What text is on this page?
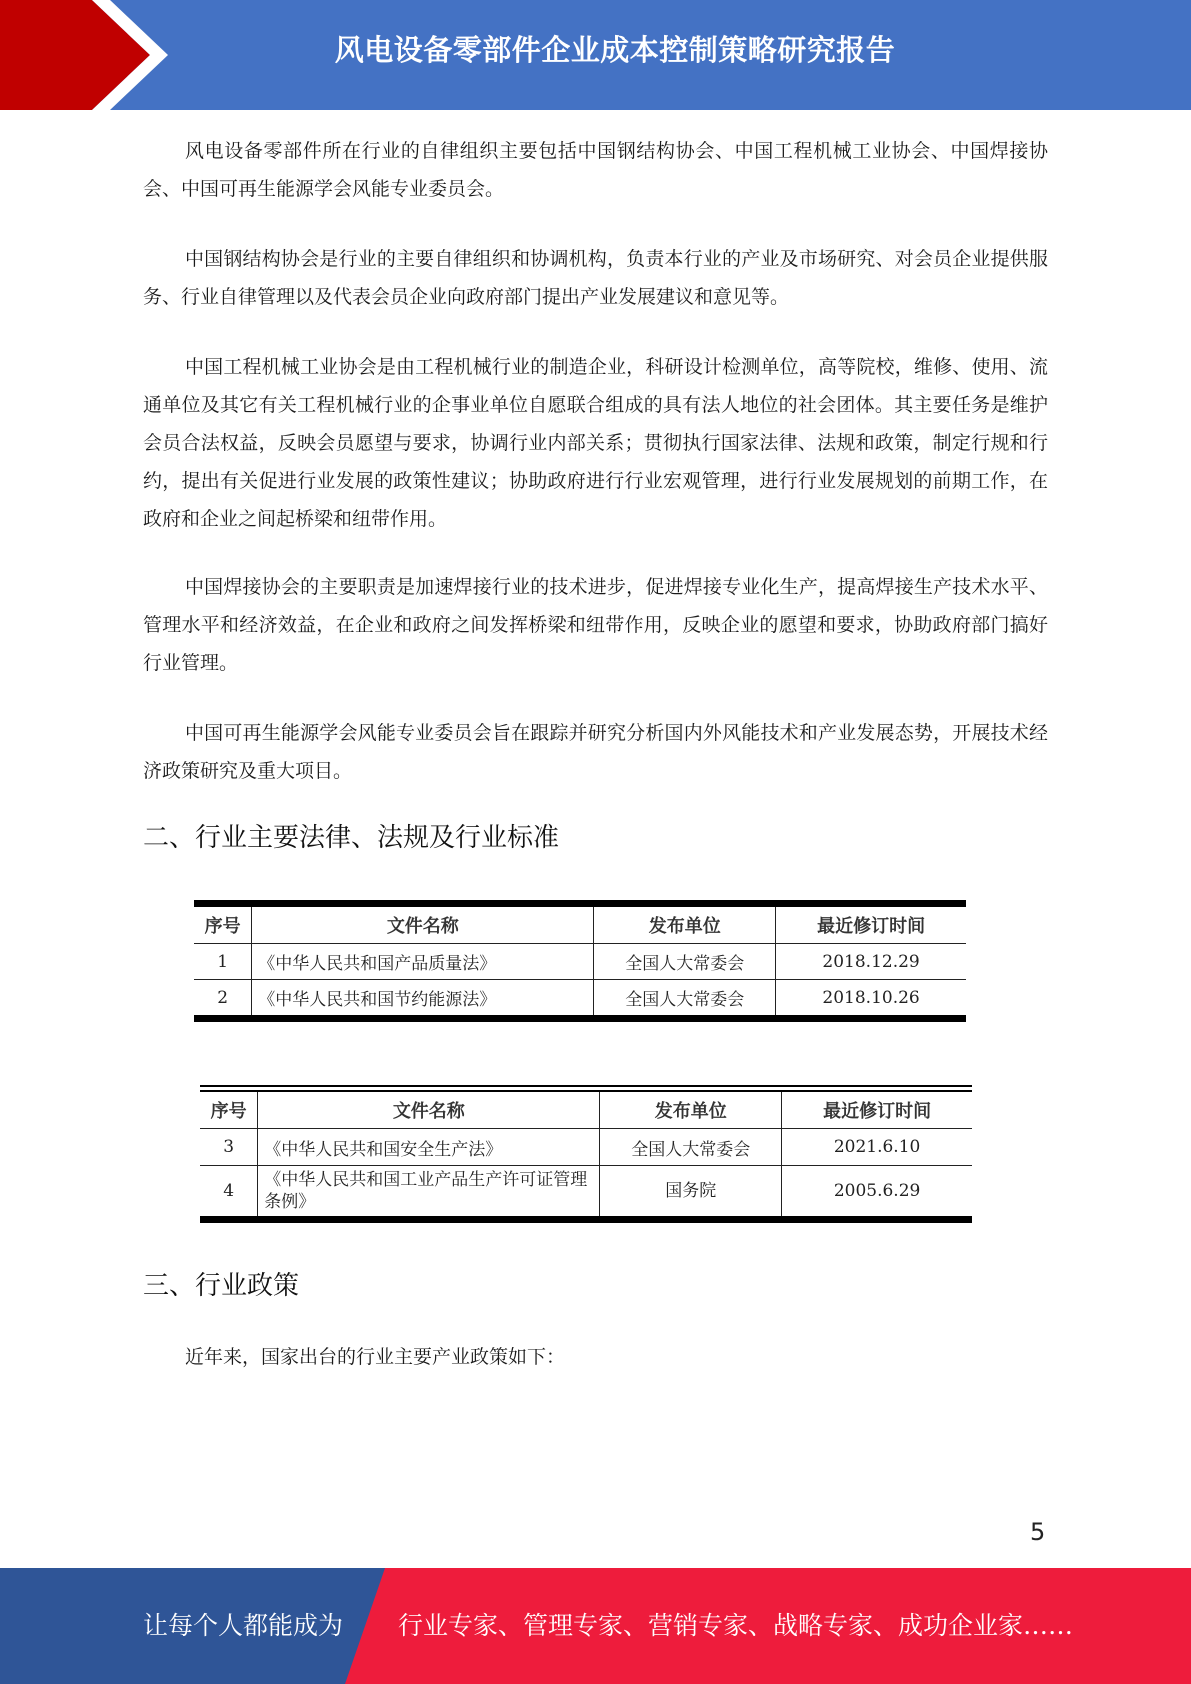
风电设备零部件企业成本控制策略研究报告

风电设备零部件所在行业的自律组织主要包括中国钢结构协会、中国工程机械工业协会、中国焊接协会、中国可再生能源学会风能专业委员会。

中国钢结构协会是行业的主要自律组织和协调机构，负责本行业的产业及市场研究、对会员企业提供服务、行业自律管理以及代表会员企业向政府部门提出产业发展建议和意见等。

中国工程机械工业协会是由工程机械行业的制造企业，科研设计检测单位，高等院校，维修、使用、流通单位及其它有关工程机械行业的企事业单位自愿联合组成的具有法人地位的社会团体。其主要任务是维护会员合法权益，反映会员愿望与要求，协调行业内部关系；贯彻执行国家法律、法规和政策，制定行规和行约，提出有关促进行业发展的政策性建议；协助政府进行行业宏观管理，进行行业发展规划的前期工作，在政府和企业之间起桥梁和纽带作用。

中国焊接协会的主要职责是加速焊接行业的技术进步，促进焊接专业化生产，提高焊接生产技术水平、管理水平和经济效益，在企业和政府之间发挥桥梁和纽带作用，反映企业的愿望和要求，协助政府部门搞好行业管理。

中国可再生能源学会风能专业委员会旨在跟踪并研究分析国内外风能技术和产业发展态势，开展技术经济政策研究及重大项目。

二、行业主要法律、法规及行业标准
序号	文件名称	发布单位	最近修订时间
1	《中华人民共和国产品质量法》	全国人大常委会	2018.12.29
2	《中华人民共和国节约能源法》	全国人大常委会	2018.10.26
序号	文件名称	发布单位	最近修订时间
3	《中华人民共和国安全生产法》	全国人大常委会	2021.6.10
4	《中华人民共和国工业产品生产许可证管理条例》	国务院	2005.6.29
三、行业政策

近年来，国家出台的行业主要产业政策如下：

5
让每个人都能成为 行业专家、管理专家、营销专家、战略专家、成功企业家……
